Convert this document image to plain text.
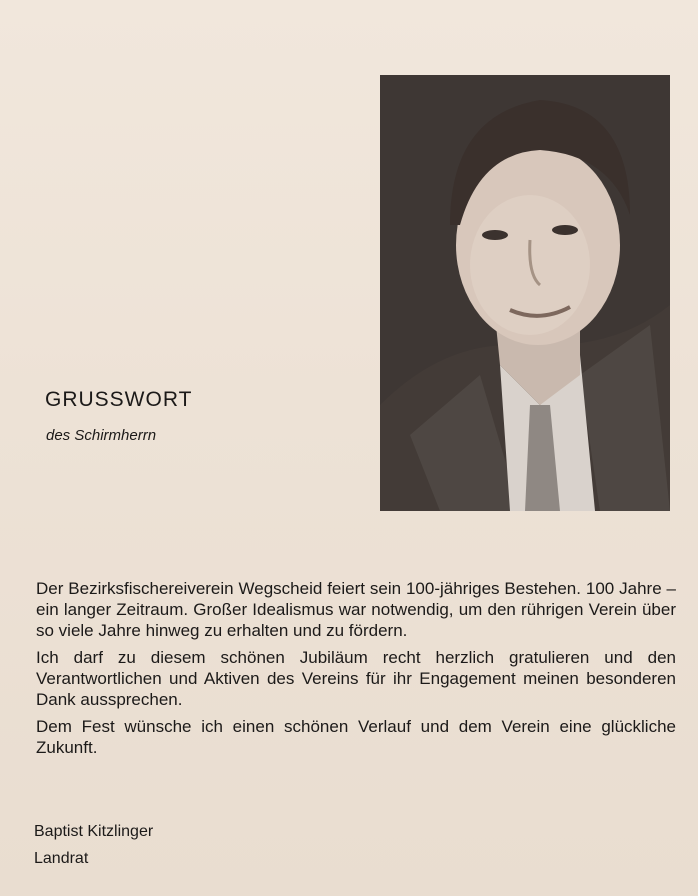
GRUSSWORT
des Schirmherrn

Der Bezirksfischereiverein Wegscheid feiert sein 100-jähriges Bestehen. 100 Jahre – ein langer Zeitraum. Großer Idealismus war notwendig, um den rührigen Verein über so viele Jahre hinweg zu erhalten und zu fördern.

Ich darf zu diesem schönen Jubiläum recht herzlich gratulieren und den Verantwortlichen und Aktiven des Vereins für ihr Engagement meinen besonderen Dank aussprechen.

Dem Fest wünsche ich einen schönen Verlauf und dem Verein eine glückliche Zukunft.

Baptist Kitzlinger
Landrat
